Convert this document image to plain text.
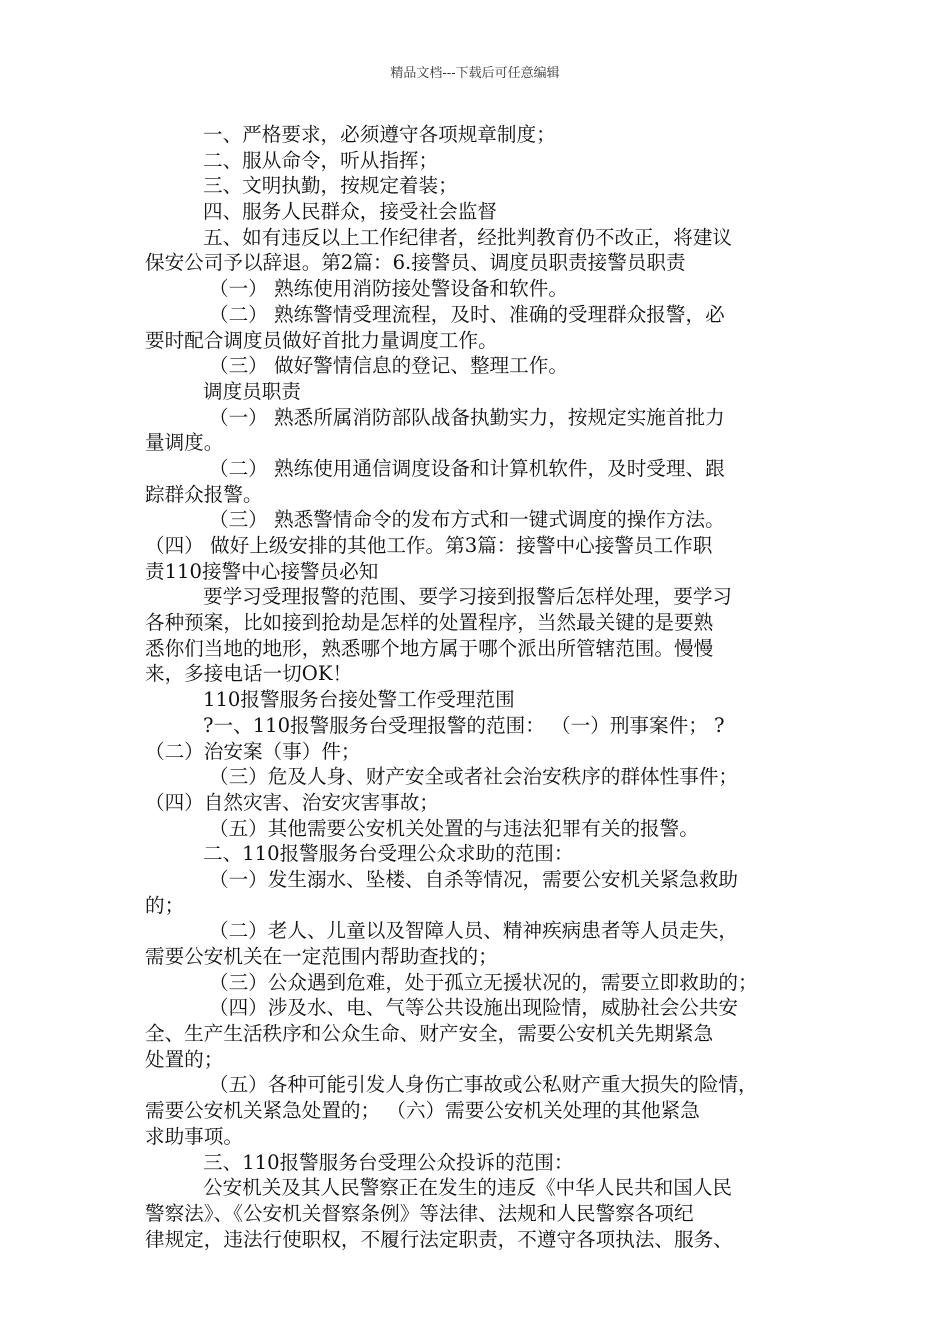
精品文档---下载后可任意编辑
一、严格要求，必须遵守各项规章制度；
二、服从命令，听从指挥；
三、文明执勤，按规定着装；
四、服务人民群众，接受社会监督
五、如有违反以上工作纪律者，经批判教育仍不改正，将建议
保安公司予以辞退。第2篇：6.接警员、调度员职责接警员职责
（一） 熟练使用消防接处警设备和软件。
（二） 熟练警情受理流程，及时、准确的受理群众报警，必
要时配合调度员做好首批力量调度工作。
（三） 做好警情信息的登记、整理工作。
调度员职责
（一） 熟悉所属消防部队战备执勤实力，按规定实施首批力
量调度。
（二） 熟练使用通信调度设备和计算机软件，及时受理、跟
踪群众报警。
（三） 熟悉警情命令的发布方式和一键式调度的操作方法。
（四） 做好上级安排的其他工作。第3篇：接警中心接警员工作职
责110接警中心接警员必知
要学习受理报警的范围、要学习接到报警后怎样处理，要学习
各种预案，比如接到抢劫是怎样的处置程序，当然最关键的是要熟
悉你们当地的地形，熟悉哪个地方属于哪个派出所管辖范围。慢慢
来，多接电话一切OK！
110报警服务台接处警工作受理范围
?一、110报警服务台受理报警的范围： （一）刑事案件； ?
（二）治安案（事）件；
（三）危及人身、财产安全或者社会治安秩序的群体性事件；
（四）自然灾害、治安灾害事故；
（五）其他需要公安机关处置的与违法犯罪有关的报警。
二、110报警服务台受理公众求助的范围：
（一）发生溺水、坠楼、自杀等情况，需要公安机关紧急救助
的；
（二）老人、儿童以及智障人员、精神疾病患者等人员走失，
需要公安机关在一定范围内帮助查找的；
（三）公众遇到危难，处于孤立无援状况的，需要立即救助的；
（四）涉及水、电、气等公共设施出现险情，威胁社会公共安
全、生产生活秩序和公众生命、财产安全，需要公安机关先期紧急
处置的；
（五）各种可能引发人身伤亡事故或公私财产重大损失的险情，
需要公安机关紧急处置的； （六）需要公安机关处理的其他紧急
求助事项。
三、110报警服务台受理公众投诉的范围：
公安机关及其人民警察正在发生的违反《中华人民共和国人民
警察法》、《公安机关督察条例》等法律、法规和人民警察各项纪
律规定，违法行使职权，不履行法定职责，不遵守各项执法、服务、
